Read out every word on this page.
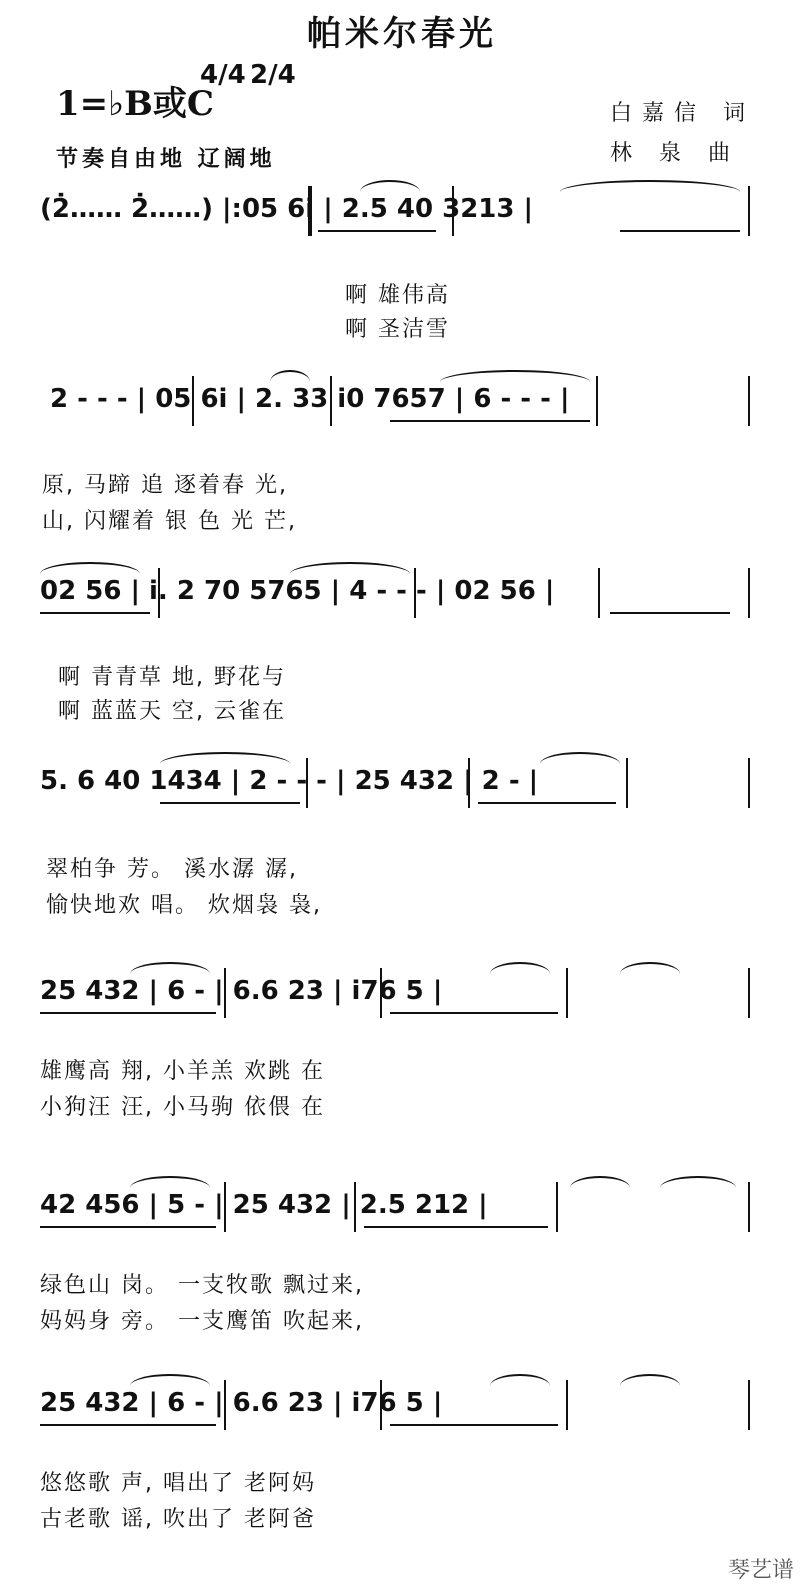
帕米尔春光
1=♭B或C
4/4 2/4
节奏自由地 辽阔地
白嘉信 词
林 泉 曲
(2̇…… 2̇……) |:05 6i | 2.5 40 3213 |
啊 雄伟高
啊 圣洁雪
2 - - - | 05 6i | 2. 33 i0 7657 | 6 - - - |
原, 马蹄 追 逐着春 光,
山, 闪耀着 银 色 光 芒,
02 56 | i. 2 70 5765 | 4 - - - | 02 56 |
啊 青青草 地, 野花与
啊 蓝蓝天 空, 云雀在
5. 6 40 1434 | 2 - - - | 25 432 | 2 - |
翠柏争 芳。 溪水潺 潺,
愉快地欢 唱。 炊烟袅 袅,
25 432 | 6 - | 6.6 23 | i76 5 |
雄鹰高 翔, 小羊羔 欢跳 在
小狗汪 汪, 小马驹 依偎 在
42 456 | 5 - | 25 432 | 2.5 212 |
绿色山 岗。 一支牧歌 飘过来,
妈妈身 旁。 一支鹰笛 吹起来,
25 432 | 6 - | 6.6 23 | i76 5 |
悠悠歌 声, 唱出了 老阿妈
古老歌 谣, 吹出了 老阿爸
琴艺谱
